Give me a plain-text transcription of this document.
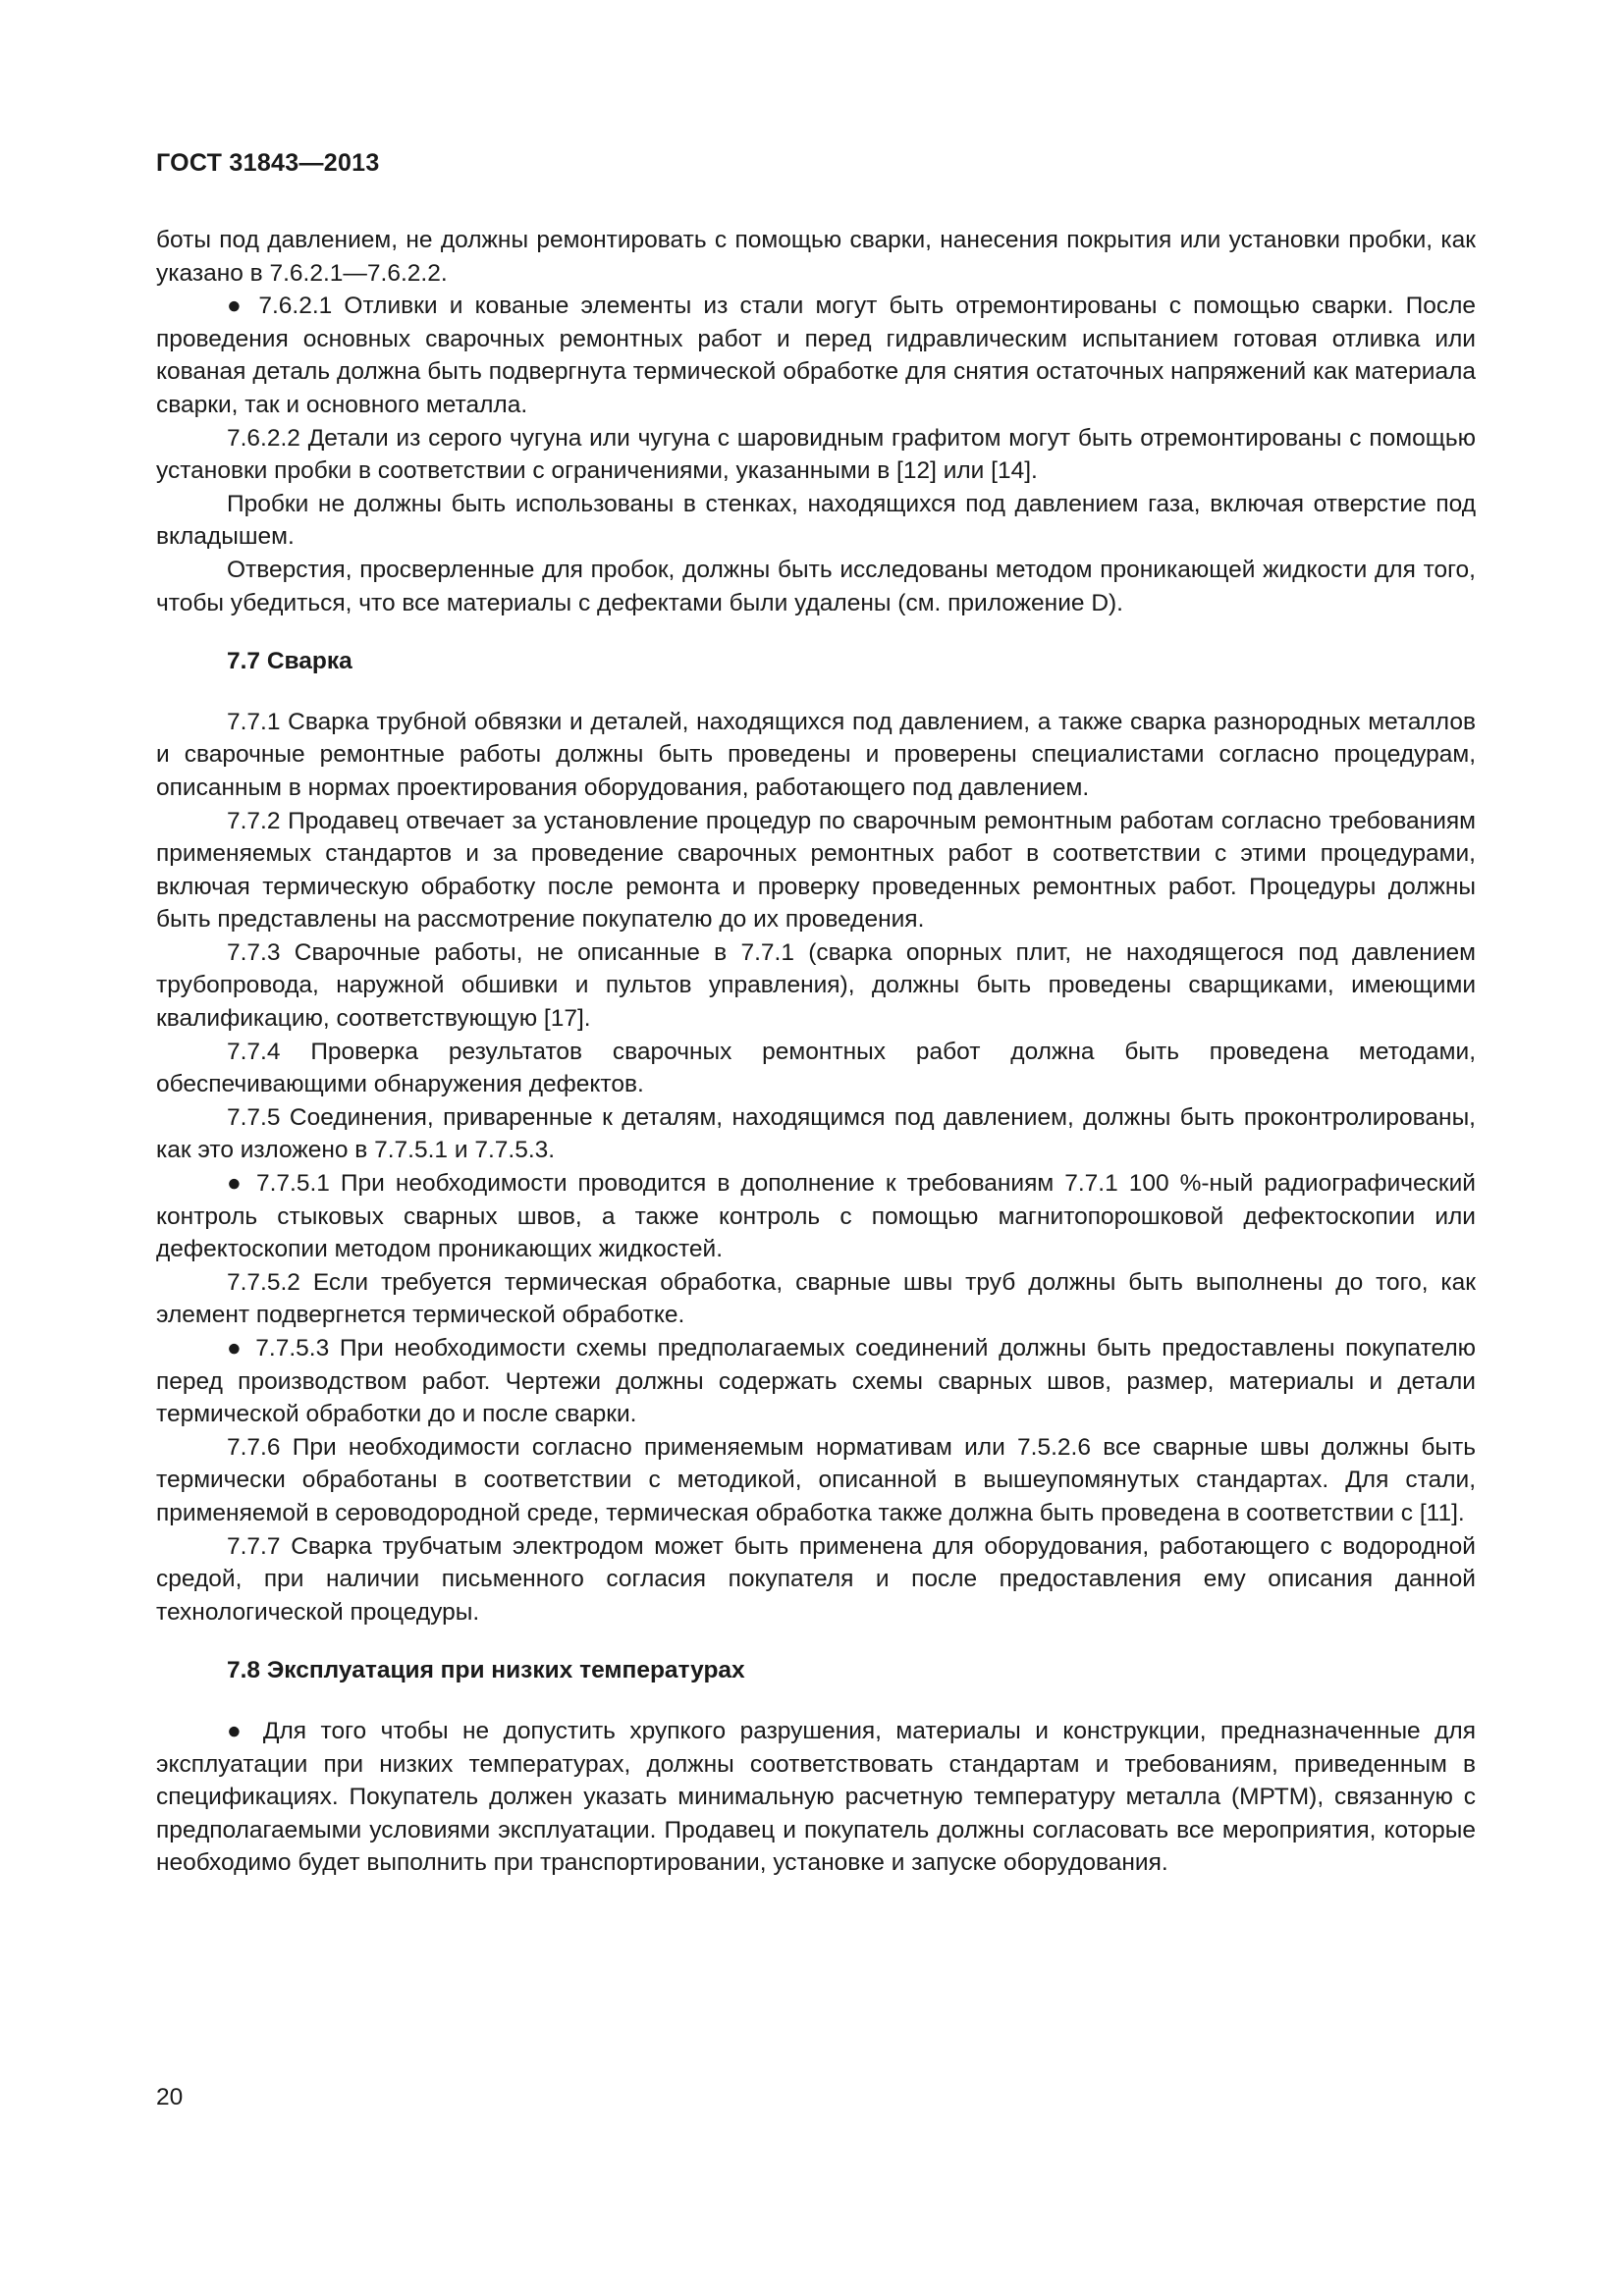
ГОСТ 31843—2013

боты под давлением, не должны ремонтировать с помощью сварки, нанесения покрытия или установки пробки, как указано в 7.6.2.1—7.6.2.2.

● 7.6.2.1 Отливки и кованые элементы из стали могут быть отремонтированы с помощью сварки. После проведения основных сварочных ремонтных работ и перед гидравлическим испытанием готовая отливка или кованая деталь должна быть подвергнута термической обработке для снятия остаточных напряжений как материала сварки, так и основного металла.

7.6.2.2 Детали из серого чугуна или чугуна с шаровидным графитом могут быть отремонтированы с помощью установки пробки в соответствии с ограничениями, указанными в [12] или [14].

Пробки не должны быть использованы в стенках, находящихся под давлением газа, включая отверстие под вкладышем.

Отверстия, просверленные для пробок, должны быть исследованы методом проникающей жидкости для того, чтобы убедиться, что все материалы с дефектами были удалены (см. приложение D).

7.7 Сварка

7.7.1 Сварка трубной обвязки и деталей, находящихся под давлением, а также сварка разнородных металлов и сварочные ремонтные работы должны быть проведены и проверены специалистами согласно процедурам, описанным в нормах проектирования оборудования, работающего под давлением.

7.7.2 Продавец отвечает за установление процедур по сварочным ремонтным работам согласно требованиям применяемых стандартов и за проведение сварочных ремонтных работ в соответствии с этими процедурами, включая термическую обработку после ремонта и проверку проведенных ремонтных работ. Процедуры должны быть представлены на рассмотрение покупателю до их проведения.

7.7.3 Сварочные работы, не описанные в 7.7.1 (сварка опорных плит, не находящегося под давлением трубопровода, наружной обшивки и пультов управления), должны быть проведены сварщиками, имеющими квалификацию, соответствующую [17].

7.7.4 Проверка результатов сварочных ремонтных работ должна быть проведена методами, обеспечивающими обнаружения дефектов.

7.7.5 Соединения, приваренные к деталям, находящимся под давлением, должны быть проконтролированы, как это изложено в 7.7.5.1 и 7.7.5.3.

● 7.7.5.1 При необходимости проводится в дополнение к требованиям 7.7.1 100 %-ный радиографический контроль стыковых сварных швов, а также контроль с помощью магнитопорошковой дефектоскопии или дефектоскопии методом проникающих жидкостей.

7.7.5.2 Если требуется термическая обработка, сварные швы труб должны быть выполнены до того, как элемент подвергнется термической обработке.

● 7.7.5.3 При необходимости схемы предполагаемых соединений должны быть предоставлены покупателю перед производством работ. Чертежи должны содержать схемы сварных швов, размер, материалы и детали термической обработки до и после сварки.

7.7.6 При необходимости согласно применяемым нормативам или 7.5.2.6 все сварные швы должны быть термически обработаны в соответствии с методикой, описанной в вышеупомянутых стандартах. Для стали, применяемой в сероводородной среде, термическая обработка также должна быть проведена в соответствии с [11].

7.7.7 Сварка трубчатым электродом может быть применена для оборудования, работающего с водородной средой, при наличии письменного согласия покупателя и после предоставления ему описания данной технологической процедуры.

7.8 Эксплуатация при низких температурах

● Для того чтобы не допустить хрупкого разрушения, материалы и конструкции, предназначенные для эксплуатации при низких температурах, должны соответствовать стандартам и требованиям, приведенным в спецификациях. Покупатель должен указать минимальную расчетную температуру металла (МРТМ), связанную с предполагаемыми условиями эксплуатации. Продавец и покупатель должны согласовать все мероприятия, которые необходимо будет выполнить при транспортировании, установке и запуске оборудования.

20
